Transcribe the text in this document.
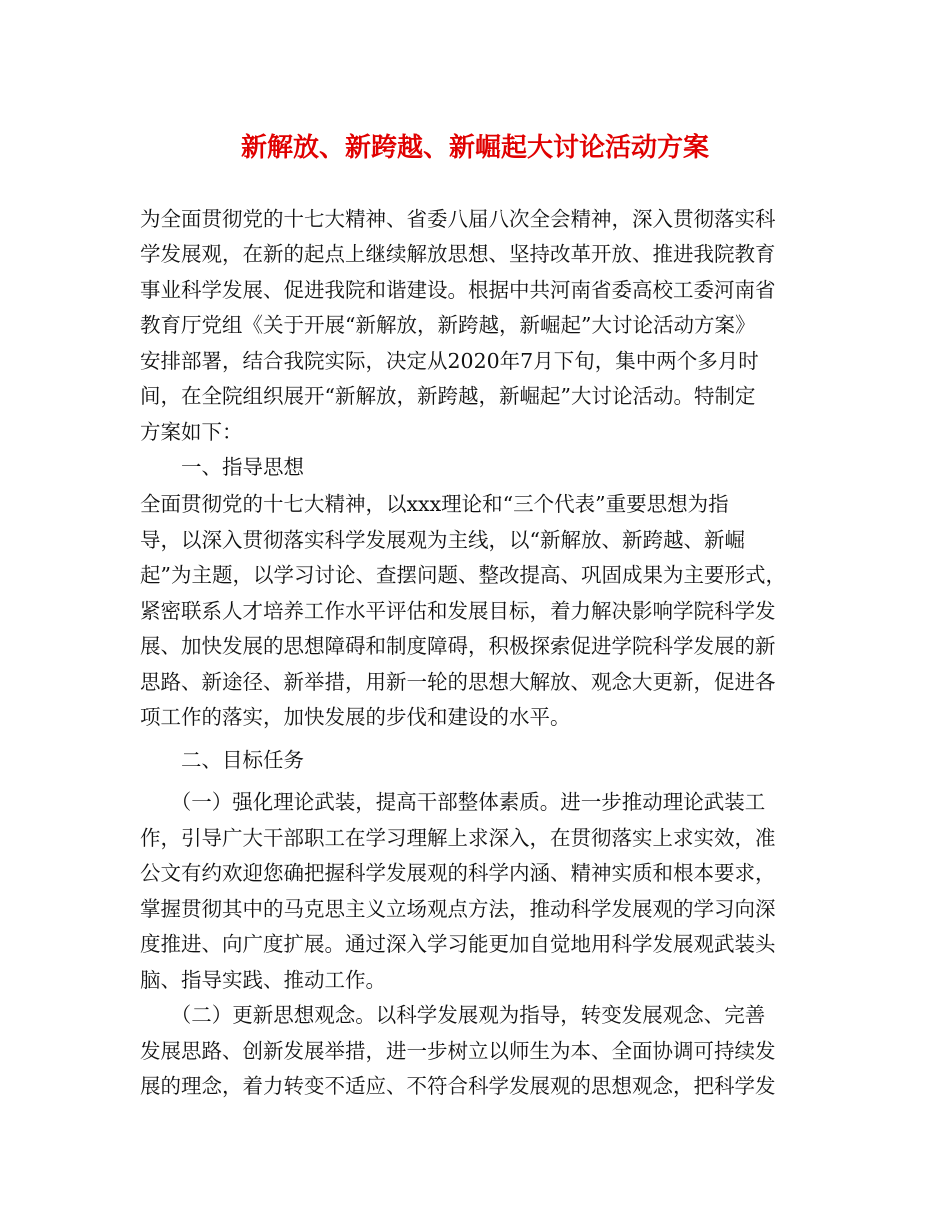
新解放、新跨越、新崛起大讨论活动方案

为全面贯彻党的十七大精神、省委八届八次全会精神，深入贯彻落实科

学发展观，在新的起点上继续解放思想、坚持改革开放、推进我院教育

事业科学发展、促进我院和谐建设。根据中共河南省委高校工委河南省

教育厅党组《关于开展“新解放，新跨越，新崛起”大讨论活动方案》

安排部署，结合我院实际，决定从2020年7月下旬，集中两个多月时

间，在全院组织展开“新解放，新跨越，新崛起”大讨论活动。特制定

方案如下：

　　一、指导思想

全面贯彻党的十七大精神，以xxx理论和“三个代表”重要思想为指

导，以深入贯彻落实科学发展观为主线，以“新解放、新跨越、新崛

起”为主题，以学习讨论、查摆问题、整改提高、巩固成果为主要形式，

紧密联系人才培养工作水平评估和发展目标，着力解决影响学院科学发

展、加快发展的思想障碍和制度障碍，积极探索促进学院科学发展的新

思路、新途径、新举措，用新一轮的思想大解放、观念大更新，促进各

项工作的落实，加快发展的步伐和建设的水平。

　　二、目标任务

　　（一）强化理论武装，提高干部整体素质。进一步推动理论武装工

作，引导广大干部职工在学习理解上求深入，在贯彻落实上求实效，准

公文有约欢迎您确把握科学发展观的科学内涵、精神实质和根本要求，

掌握贯彻其中的马克思主义立场观点方法，推动科学发展观的学习向深

度推进、向广度扩展。通过深入学习能更加自觉地用科学发展观武装头

脑、指导实践、推动工作。

　　（二）更新思想观念。以科学发展观为指导，转变发展观念、完善

发展思路、创新发展举措，进一步树立以师生为本、全面协调可持续发

展的理念，着力转变不适应、不符合科学发展观的思想观念，把科学发
